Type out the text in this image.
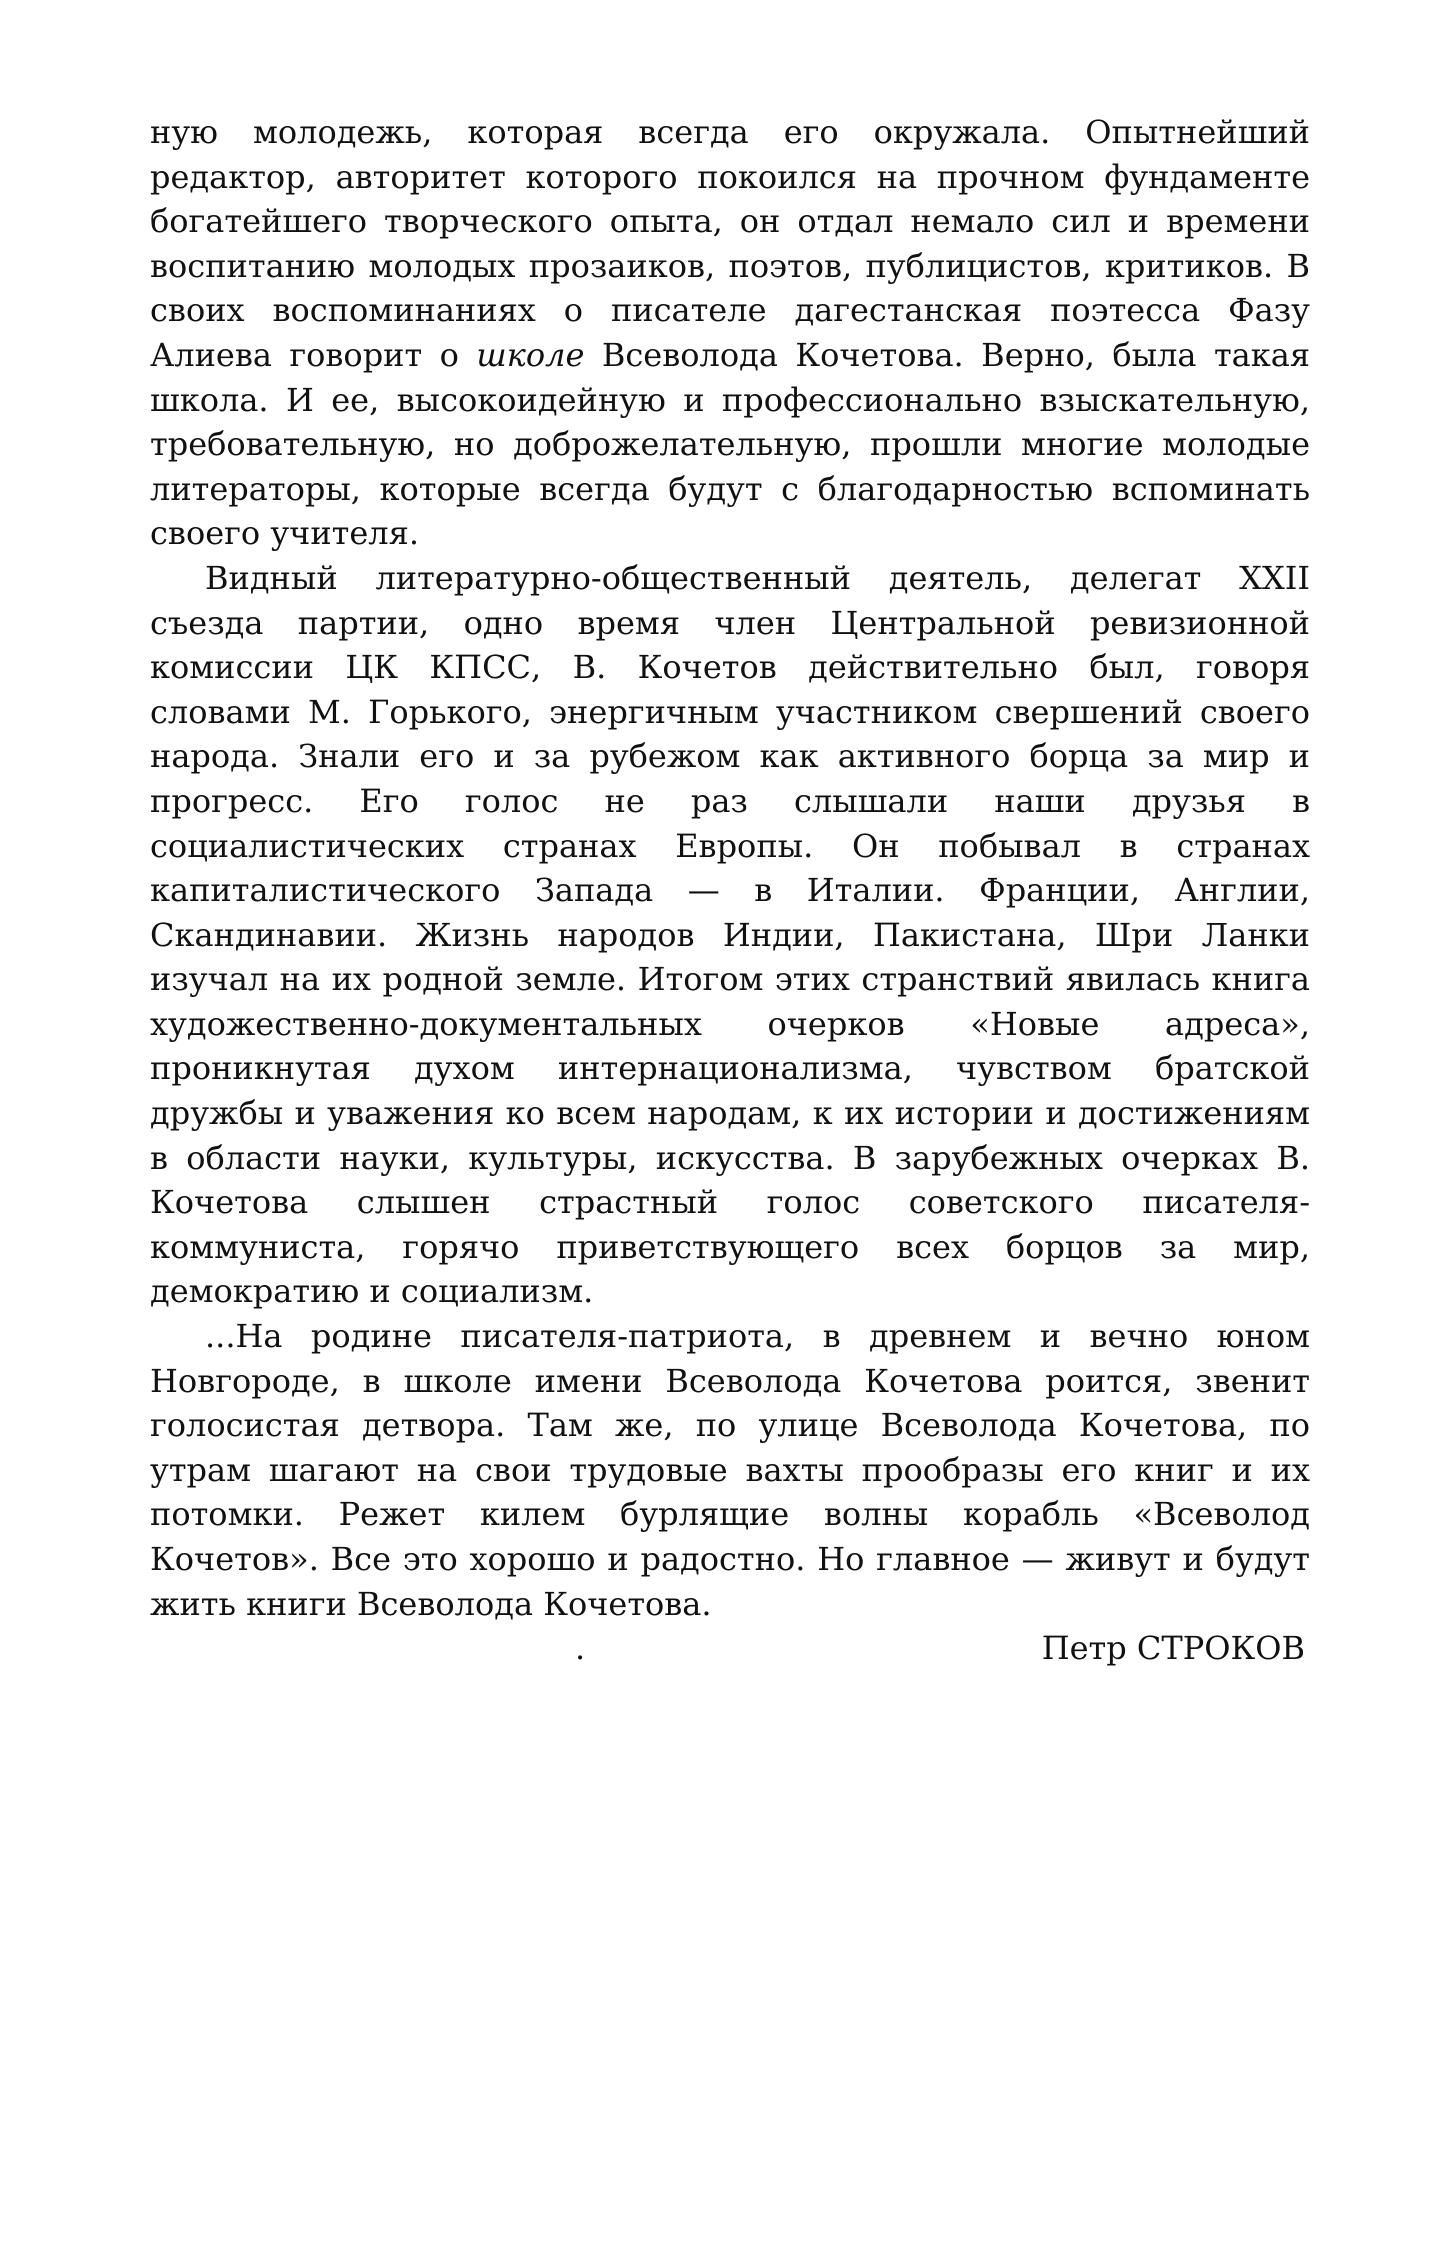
ную молодежь, которая всегда его окружала. Опытнейший редактор, авторитет которого покоился на прочном фундаменте богатейшего творческого опыта, он отдал немало сил и времени воспитанию молодых прозаиков, поэтов, публицистов, критиков. В своих воспоминаниях о писателе дагестанская поэтесса Фазу Алиева говорит о школе Всеволода Кочетова. Верно, была такая школа. И ее, высокоидейную и профессионально взыскательную, требовательную, но доброжелательную, прошли многие молодые литераторы, которые всегда будут с благодарностью вспоминать своего учителя.

Видный литературно-общественный деятель, делегат XXII съезда партии, одно время член Центральной ревизионной комиссии ЦК КПСС, В. Кочетов действительно был, говоря словами М. Горького, энергичным участником свершений своего народа. Знали его и за рубежом как активного борца за мир и прогресс. Его голос не раз слышали наши друзья в социалистических странах Европы. Он побывал в странах капиталистического Запада — в Италии. Франции, Англии, Скандинавии. Жизнь народов Индии, Пакистана, Шри Ланки изучал на их родной земле. Итогом этих странствий явилась книга художественно-документальных очерков «Новые адреса», проникнутая духом интернационализма, чувством братской дружбы и уважения ко всем народам, к их истории и достижениям в области науки, культуры, искусства. В зарубежных очерках В. Кочетова слышен страстный голос советского писателя-коммуниста, горячо приветствующего всех борцов за мир, демократию и социализм.

...На родине писателя-патриота, в древнем и вечно юном Новгороде, в школе имени Всеволода Кочетова роится, звенит голосистая детвора. Там же, по улице Всеволода Кочетова, по утрам шагают на свои трудовые вахты прообразы его книг и их потомки. Режет килем бурлящие волны корабль «Всеволод Кочетов». Все это хорошо и радостно. Но главное — живут и будут жить книги Всеволода Кочетова.

.	Петр СТРОКОВ
